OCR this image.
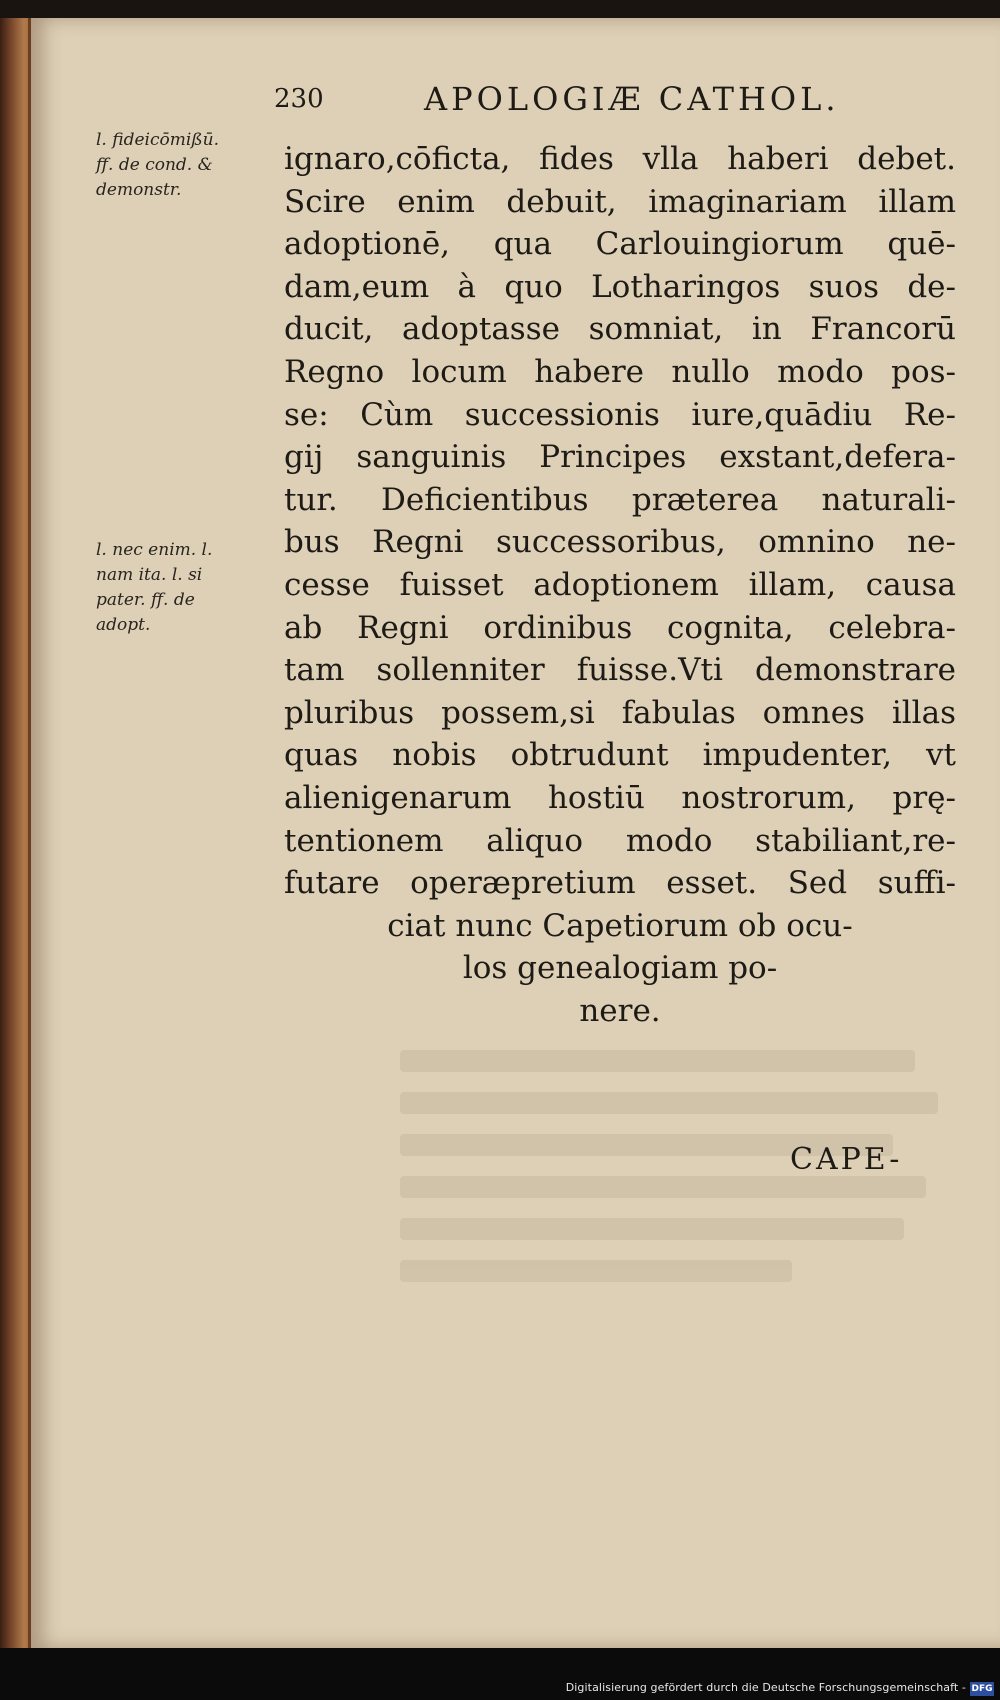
230	APOLOGIÆ CATHOL.
l. fideicōmißū.
ff. de cond. &
demonstr.
l. nec enim. l.
nam ita. l. si
pater. ff. de
adopt.
ignaro,cōficta, fides vlla haberi debet.
Scire enim debuit, imaginariam illam
adoptionē, qua Carlouingiorum quē-
dam,eum à quo Lotharingos suos de-
ducit, adoptasse somniat, in Francorū
Regno locum habere nullo modo pos-
se: Cùm successionis iure,quādiu Re-
gij sanguinis Principes exstant,defera-
tur. Deficientibus præterea naturali-
bus Regni successoribus, omnino ne-
cesse fuisset adoptionem illam, causa
ab Regni ordinibus cognita, celebra-
tam sollenniter fuisse.Vti demonstrare
pluribus possem,si fabulas omnes illas
quas nobis obtrudunt impudenter, vt
alienigenarum hostiū nostrorum, prę-
tentionem aliquo modo stabiliant,re-
futare operæpretium esset. Sed suffi-
ciat nunc Capetiorum ob ocu-
los genealogiam po-
nere.
CAPE-
Digitalisierung gefördert durch die Deutsche Forschungsgemeinschaft - DFG
